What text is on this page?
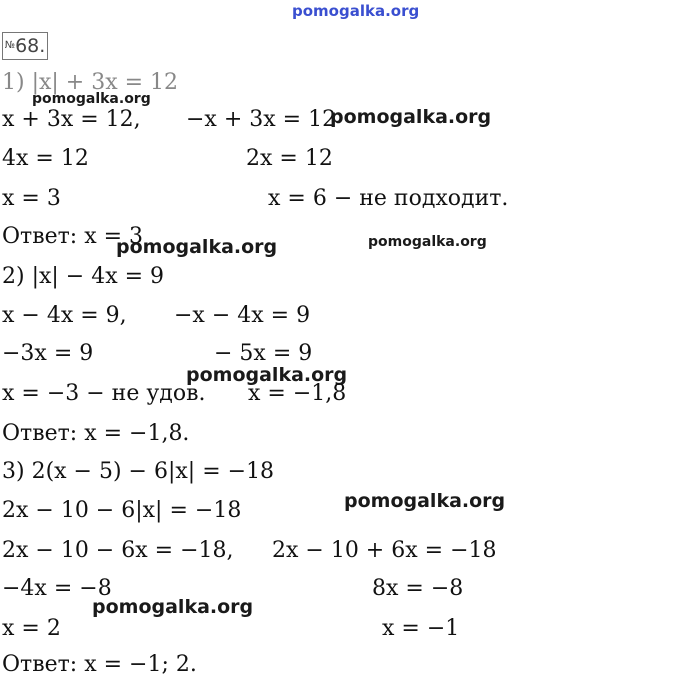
pomogalka.org
№68.
1) |x| + 3x = 12
pomogalka.org
x + 3x = 12, −x + 3x = 12
pomogalka.org
4x = 12	2x = 12
x = 3	x = 6 − не подходит.
Ответ: x = 3
pomogalka.org	pomogalka.org
2) |x| − 4x = 9
x − 4x = 9, −x − 4x = 9
−3x = 9	− 5x = 9
pomogalka.org
x = −3 − не удов. x = −1,8
Ответ: x = −1,8.
3) 2(x − 5) − 6|x| = −18
pomogalka.org
2x − 10 − 6|x| = −18
2x − 10 − 6x = −18, 2x − 10 + 6x = −18
−4x = −8	8x = −8
pomogalka.org
x = 2	x = −1
Ответ: x = −1; 2.
